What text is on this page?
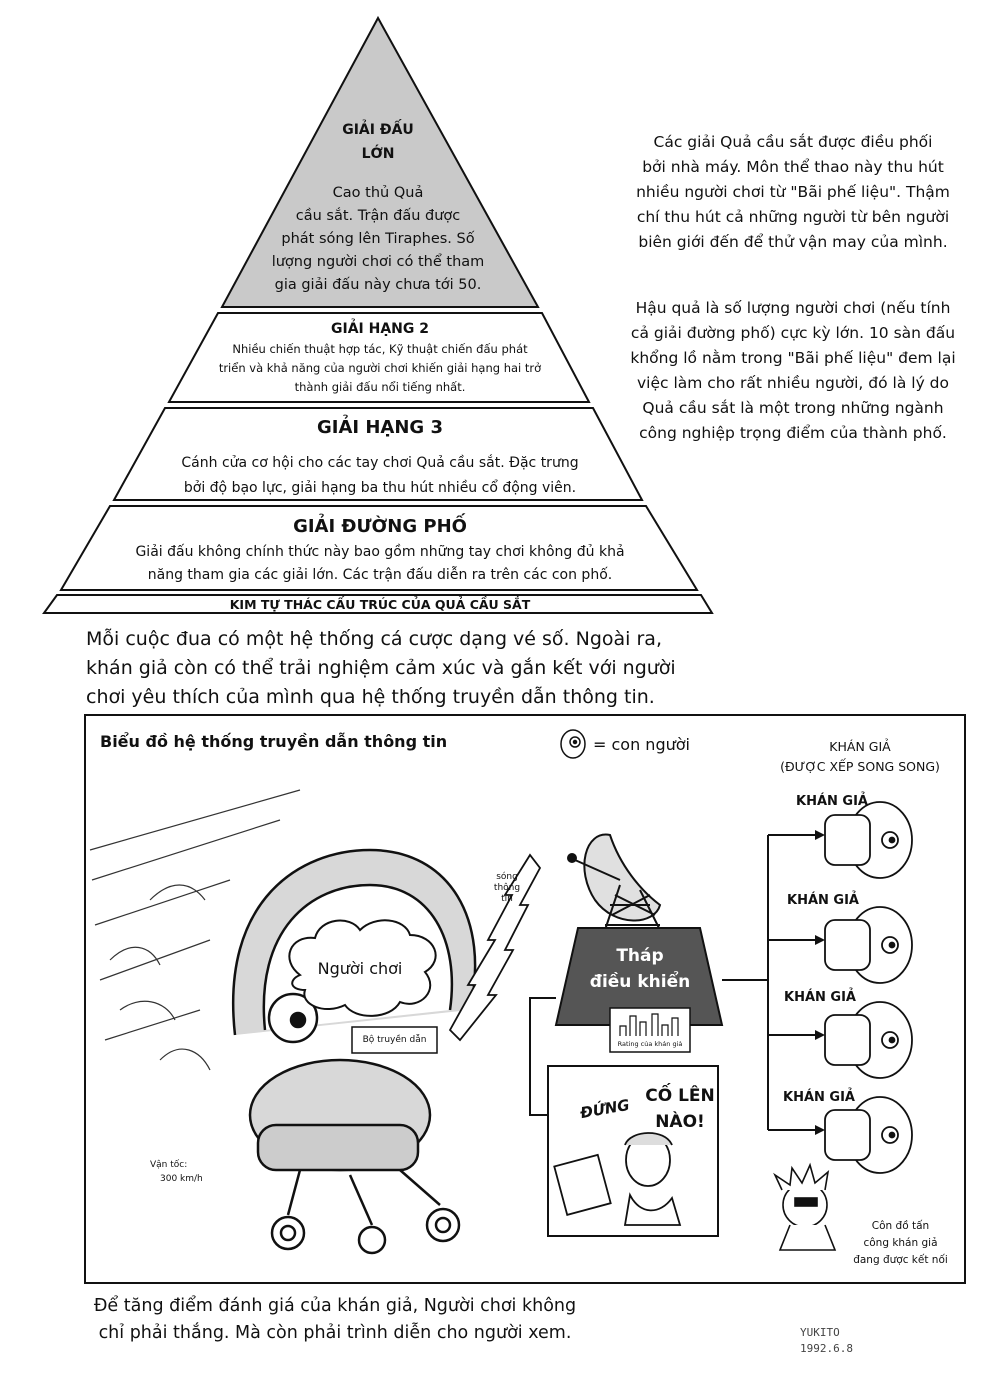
GIẢI ĐẤU
LỚN
Cao thủ Quả
cầu sắt. Trận đấu được
phát sóng lên Tiraphes. Số
lượng người chơi có thể tham
gia giải đấu này chưa tới 50.
GIẢI HẠNG 2
Nhiều chiến thuật hợp tác, Kỹ thuật chiến đấu phát
triển và khả năng của người chơi khiến giải hạng hai trở
thành giải đấu nổi tiếng nhất.
GIẢI HẠNG 3
Cánh cửa cơ hội cho các tay chơi Quả cầu sắt. Đặc trưng
bởi độ bạo lực, giải hạng ba thu hút nhiều cổ động viên.
GIẢI ĐƯỜNG PHỐ
Giải đấu không chính thức này bao gồm những tay chơi không đủ khả
năng tham gia các giải lớn. Các trận đấu diễn ra trên các con phố.
KIM TỰ THÁC CẤU TRÚC CỦA QUẢ CẦU SẮT
Các giải Quả cầu sắt được điều phối
bởi nhà máy. Môn thể thao này thu hút
nhiều người chơi từ "Bãi phế liệu". Thậm
chí thu hút cả những người từ bên người
biên giới đến để thử vận may của mình.
Hậu quả là số lượng người chơi (nếu tính
cả giải đường phố) cực kỳ lớn. 10 sàn đấu
khổng lồ nằm trong "Bãi phế liệu" đem lại
việc làm cho rất nhiều người, đó là lý do
Quả cầu sắt là một trong những ngành
công nghiệp trọng điểm của thành phố.
Mỗi cuộc đua có một hệ thống cá cược dạng vé số. Ngoài ra,
khán giả còn có thể trải nghiệm cảm xúc và gắn kết với người
chơi yêu thích của mình qua hệ thống truyền dẫn thông tin.
Biểu đồ hệ thống truyền dẫn thông tin	= con người	KHÁN GIẢ
(ĐƯỢC XẾP SONG SONG)
KHÁN GIẢ
KHÁN GIẢ
KHÁN GIẢ
KHÁN GIẢ
sóng
thông
tin
Người chơi
Bộ truyền dẫn
Tháp
điều khiển
Rating của khán giả
ĐỨNG CỐ LÊN
NÀO!
Vận tốc:
300 km/h
Côn đồ tấn
công khán giả
đang được kết nối
Để tăng điểm đánh giá của khán giả, Người chơi không
chỉ phải thắng. Mà còn phải trình diễn cho người xem.	YUKITO
1992.6.8
